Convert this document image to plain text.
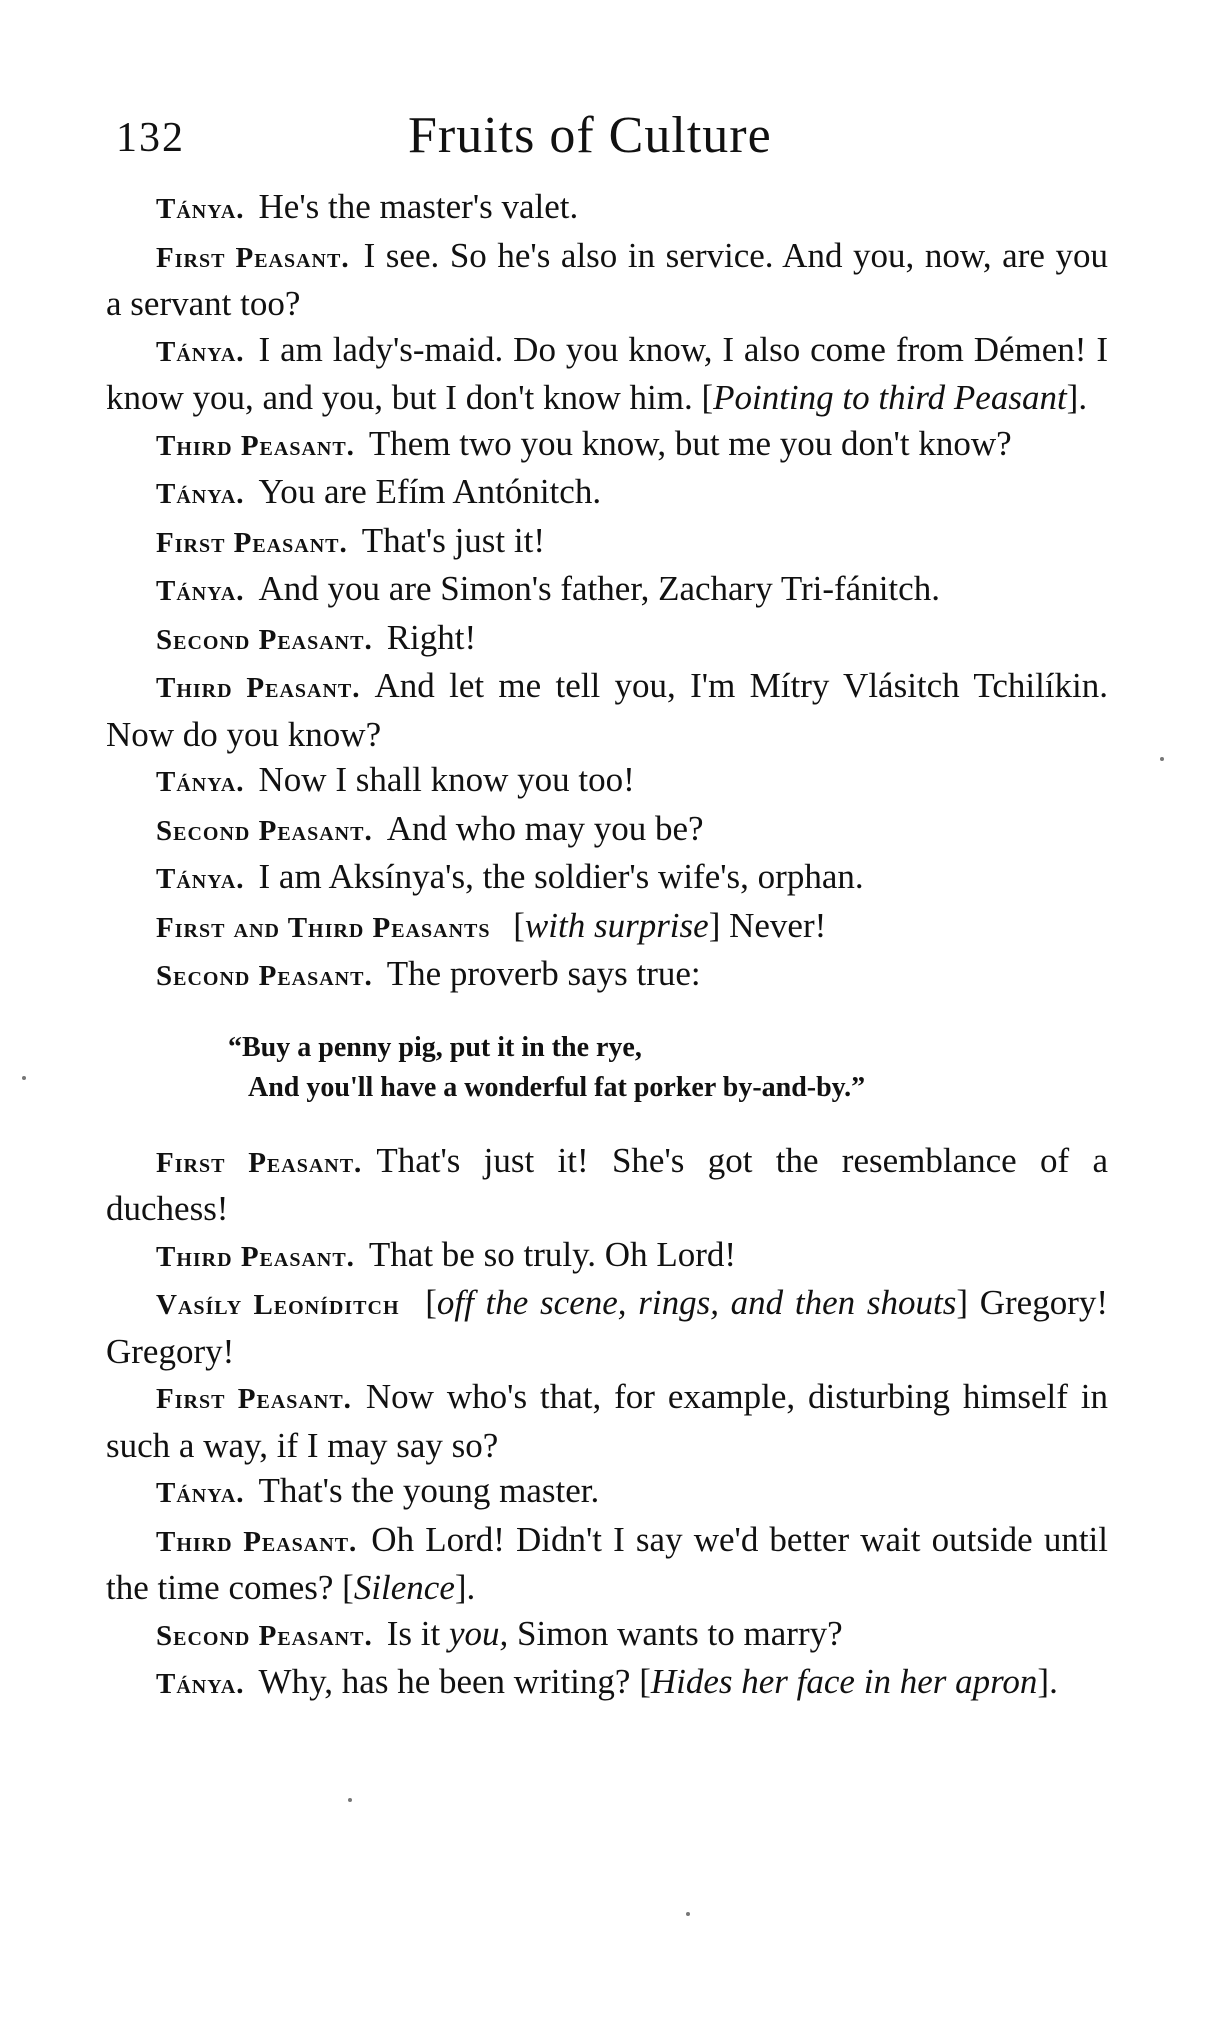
132	Fruits of Culture

Tánya. He's the master's valet.

First Peasant. I see. So he's also in service. And you, now, are you a servant too?

Tánya. I am lady's-maid. Do you know, I also come from Démen! I know you, and you, but I don't know him. [Pointing to third Peasant].

Third Peasant. Them two you know, but me you don't know?

Tánya. You are Efím Antónitch.

First Peasant. That's just it!

Tánya. And you are Simon's father, Zachary Tri-fánitch.

Second Peasant. Right!

Third Peasant. And let me tell you, I'm Mítry Vlásitch Tchilíkin. Now do you know?

Tánya. Now I shall know you too!

Second Peasant. And who may you be?

Tánya. I am Aksínya's, the soldier's wife's, orphan.

First and Third Peasants [with surprise] Never!

Second Peasant. The proverb says true:

“Buy a penny pig, put it in the rye,
And you'll have a wonderful fat porker by-and-by.”

First Peasant. That's just it! She's got the resemblance of a duchess!

Third Peasant. That be so truly. Oh Lord!

Vasíly Leonídіtch [off the scene, rings, and then shouts] Gregory! Gregory!

First Peasant. Now who's that, for example, disturbing himself in such a way, if I may say so?

Tánya. That's the young master.

Third Peasant. Oh Lord! Didn't I say we'd better wait outside until the time comes? [Silence].

Second Peasant. Is it you, Simon wants to marry?

Tánya. Why, has he been writing? [Hides her face in her apron].
